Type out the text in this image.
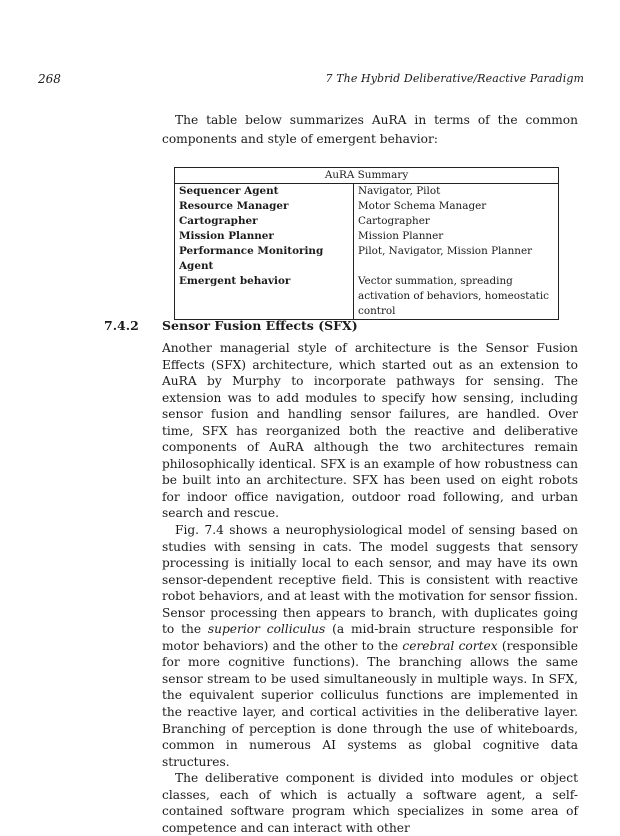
268	7 The Hybrid Deliberative/Reactive Paradigm

The table below summarizes AuRA in terms of the common components and style of emergent behavior:

AuRA Summary	
Sequencer Agent	Navigator, Pilot
Resource Manager	Motor Schema Manager
Cartographer	Cartographer
Mission Planner	Mission Planner
Performance Monitoring Agent	Pilot, Navigator, Mission Planner
Emergent behavior	Vector summation, spreading activation of behaviors, homeostatic control
7.4.2 Sensor Fusion Effects (SFX)

Another managerial style of architecture is the Sensor Fusion Effects (SFX) architecture, which started out as an extension to AuRA by Murphy to incorporate pathways for sensing. The extension was to add modules to specify how sensing, including sensor fusion and handling sensor failures, are handled. Over time, SFX has reorganized both the reactive and deliberative components of AuRA although the two architectures remain philosophically identical. SFX is an example of how robustness can be built into an architecture. SFX has been used on eight robots for indoor office navigation, outdoor road following, and urban search and rescue.

Fig. 7.4 shows a neurophysiological model of sensing based on studies with sensing in cats. The model suggests that sensory processing is initially local to each sensor, and may have its own sensor-dependent receptive field. This is consistent with reactive robot behaviors, and at least with the motivation for sensor fission. Sensor processing then appears to branch, with duplicates going to the superior colliculus (a mid-brain structure responsible for motor behaviors) and the other to the cerebral cortex (responsible for more cognitive functions). The branching allows the same sensor stream to be used simultaneously in multiple ways. In SFX, the equivalent superior colliculus functions are implemented in the reactive layer, and cortical activities in the deliberative layer. Branching of perception is done through the use of whiteboards, common in numerous AI systems as global cognitive data structures.

The deliberative component is divided into modules or object classes, each of which is actually a software agent, a self-contained software program which specializes in some area of competence and can interact with other
